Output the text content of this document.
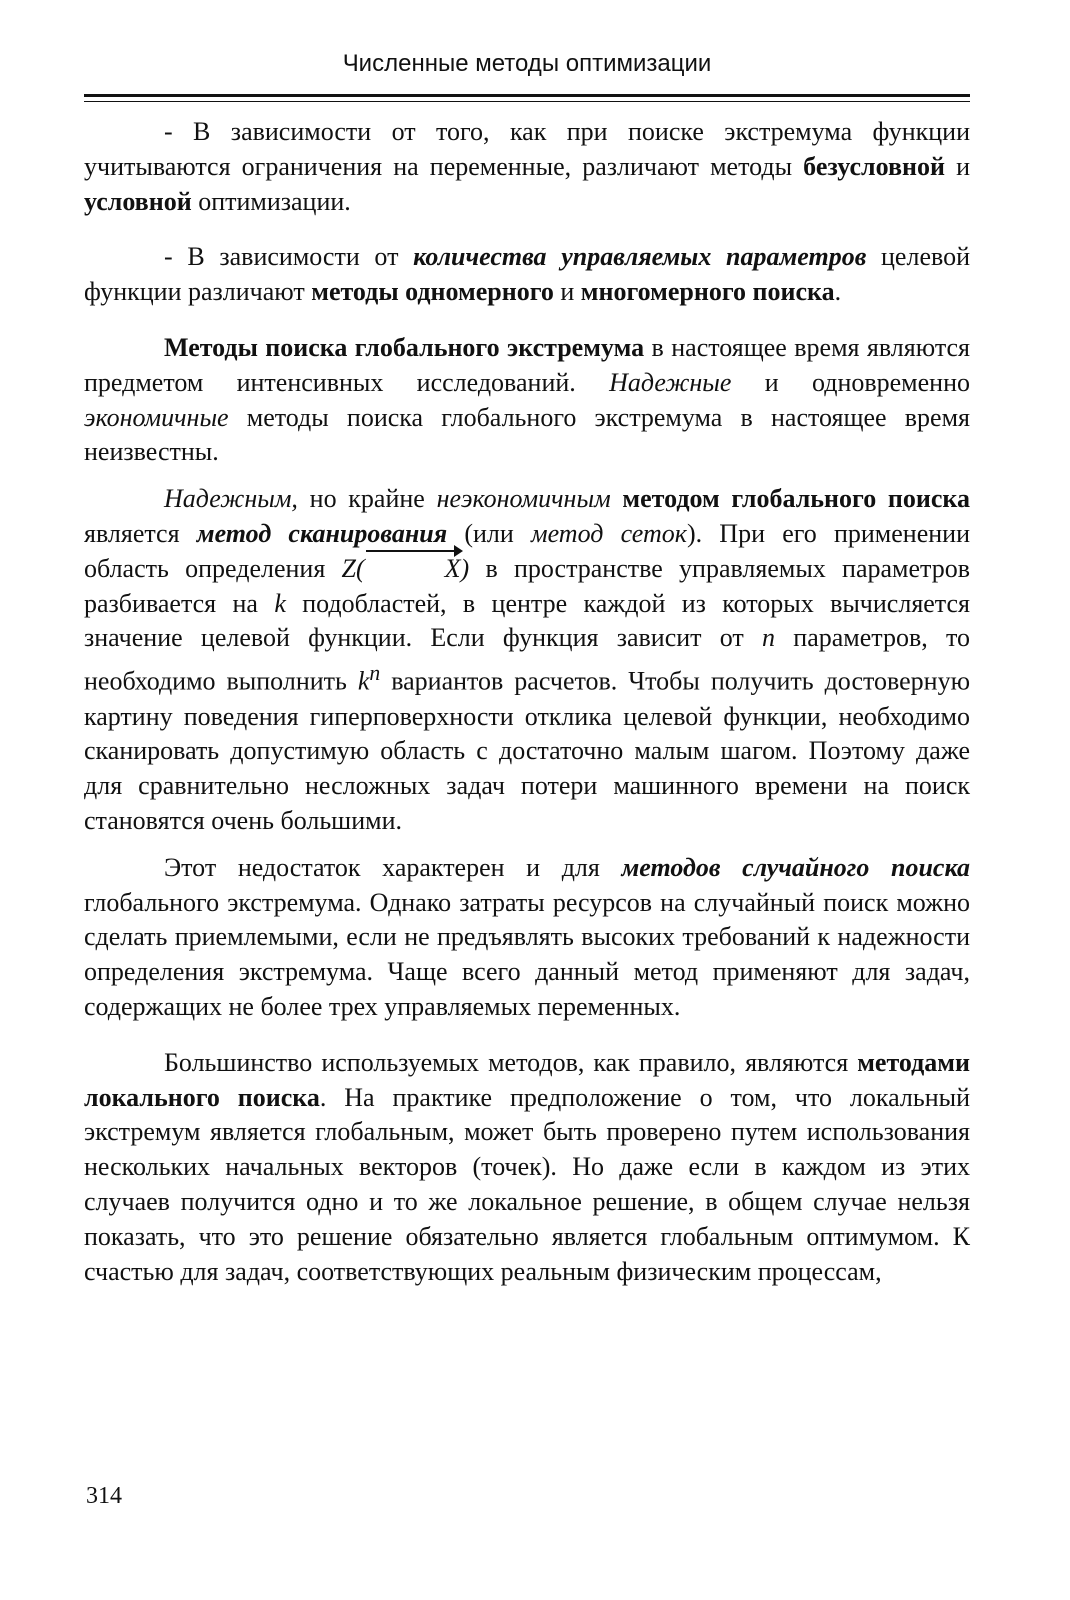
Численные методы оптимизации

- В зависимости от того, как при поиске экстремума функции учитываются ограничения на переменные, различают методы безусловной и условной оптимизации.

- В зависимости от количества управляемых параметров целевой функции различают методы одномерного и многомерного поиска.

Методы поиска глобального экстремума в настоящее время являются предметом интенсивных исследований. Надежные и одновременно экономичные методы поиска глобального экстремума в настоящее время неизвестны.

Надежным, но крайне неэкономичным методом глобального поиска является метод сканирования (или метод сеток). При его применении область определения Z(	X) в пространстве управляемых параметров разбивается на k подобластей, в центре каждой из которых вычисляется значение целевой функции. Если функция зависит от n параметров, то необходимо выполнить $k^n$ вариантов расчетов. Чтобы получить достоверную картину поведения гиперповерхности отклика целевой функции, необходимо сканировать допустимую область с достаточно малым шагом. Поэтому даже для сравнительно несложных задач потери машинного времени на поиск становятся очень большими.

Этот недостаток характерен и для методов случайного поиска глобального экстремума. Однако затраты ресурсов на случайный поиск можно сделать приемлемыми, если не предъявлять высоких требований к надежности определения экстремума. Чаще всего данный метод применяют для задач, содержащих не более трех управляемых переменных.

Большинство используемых методов, как правило, являются методами локального поиска. На практике предположение о том, что локальный экстремум является глобальным, может быть проверено путем использования нескольких начальных векторов (точек). Но даже если в каждом из этих случаев получится одно и то же локальное решение, в общем случае нельзя показать, что это решение обязательно является глобальным оптимумом. К счастью для задач, соответствующих реальным физическим процессам,

314
